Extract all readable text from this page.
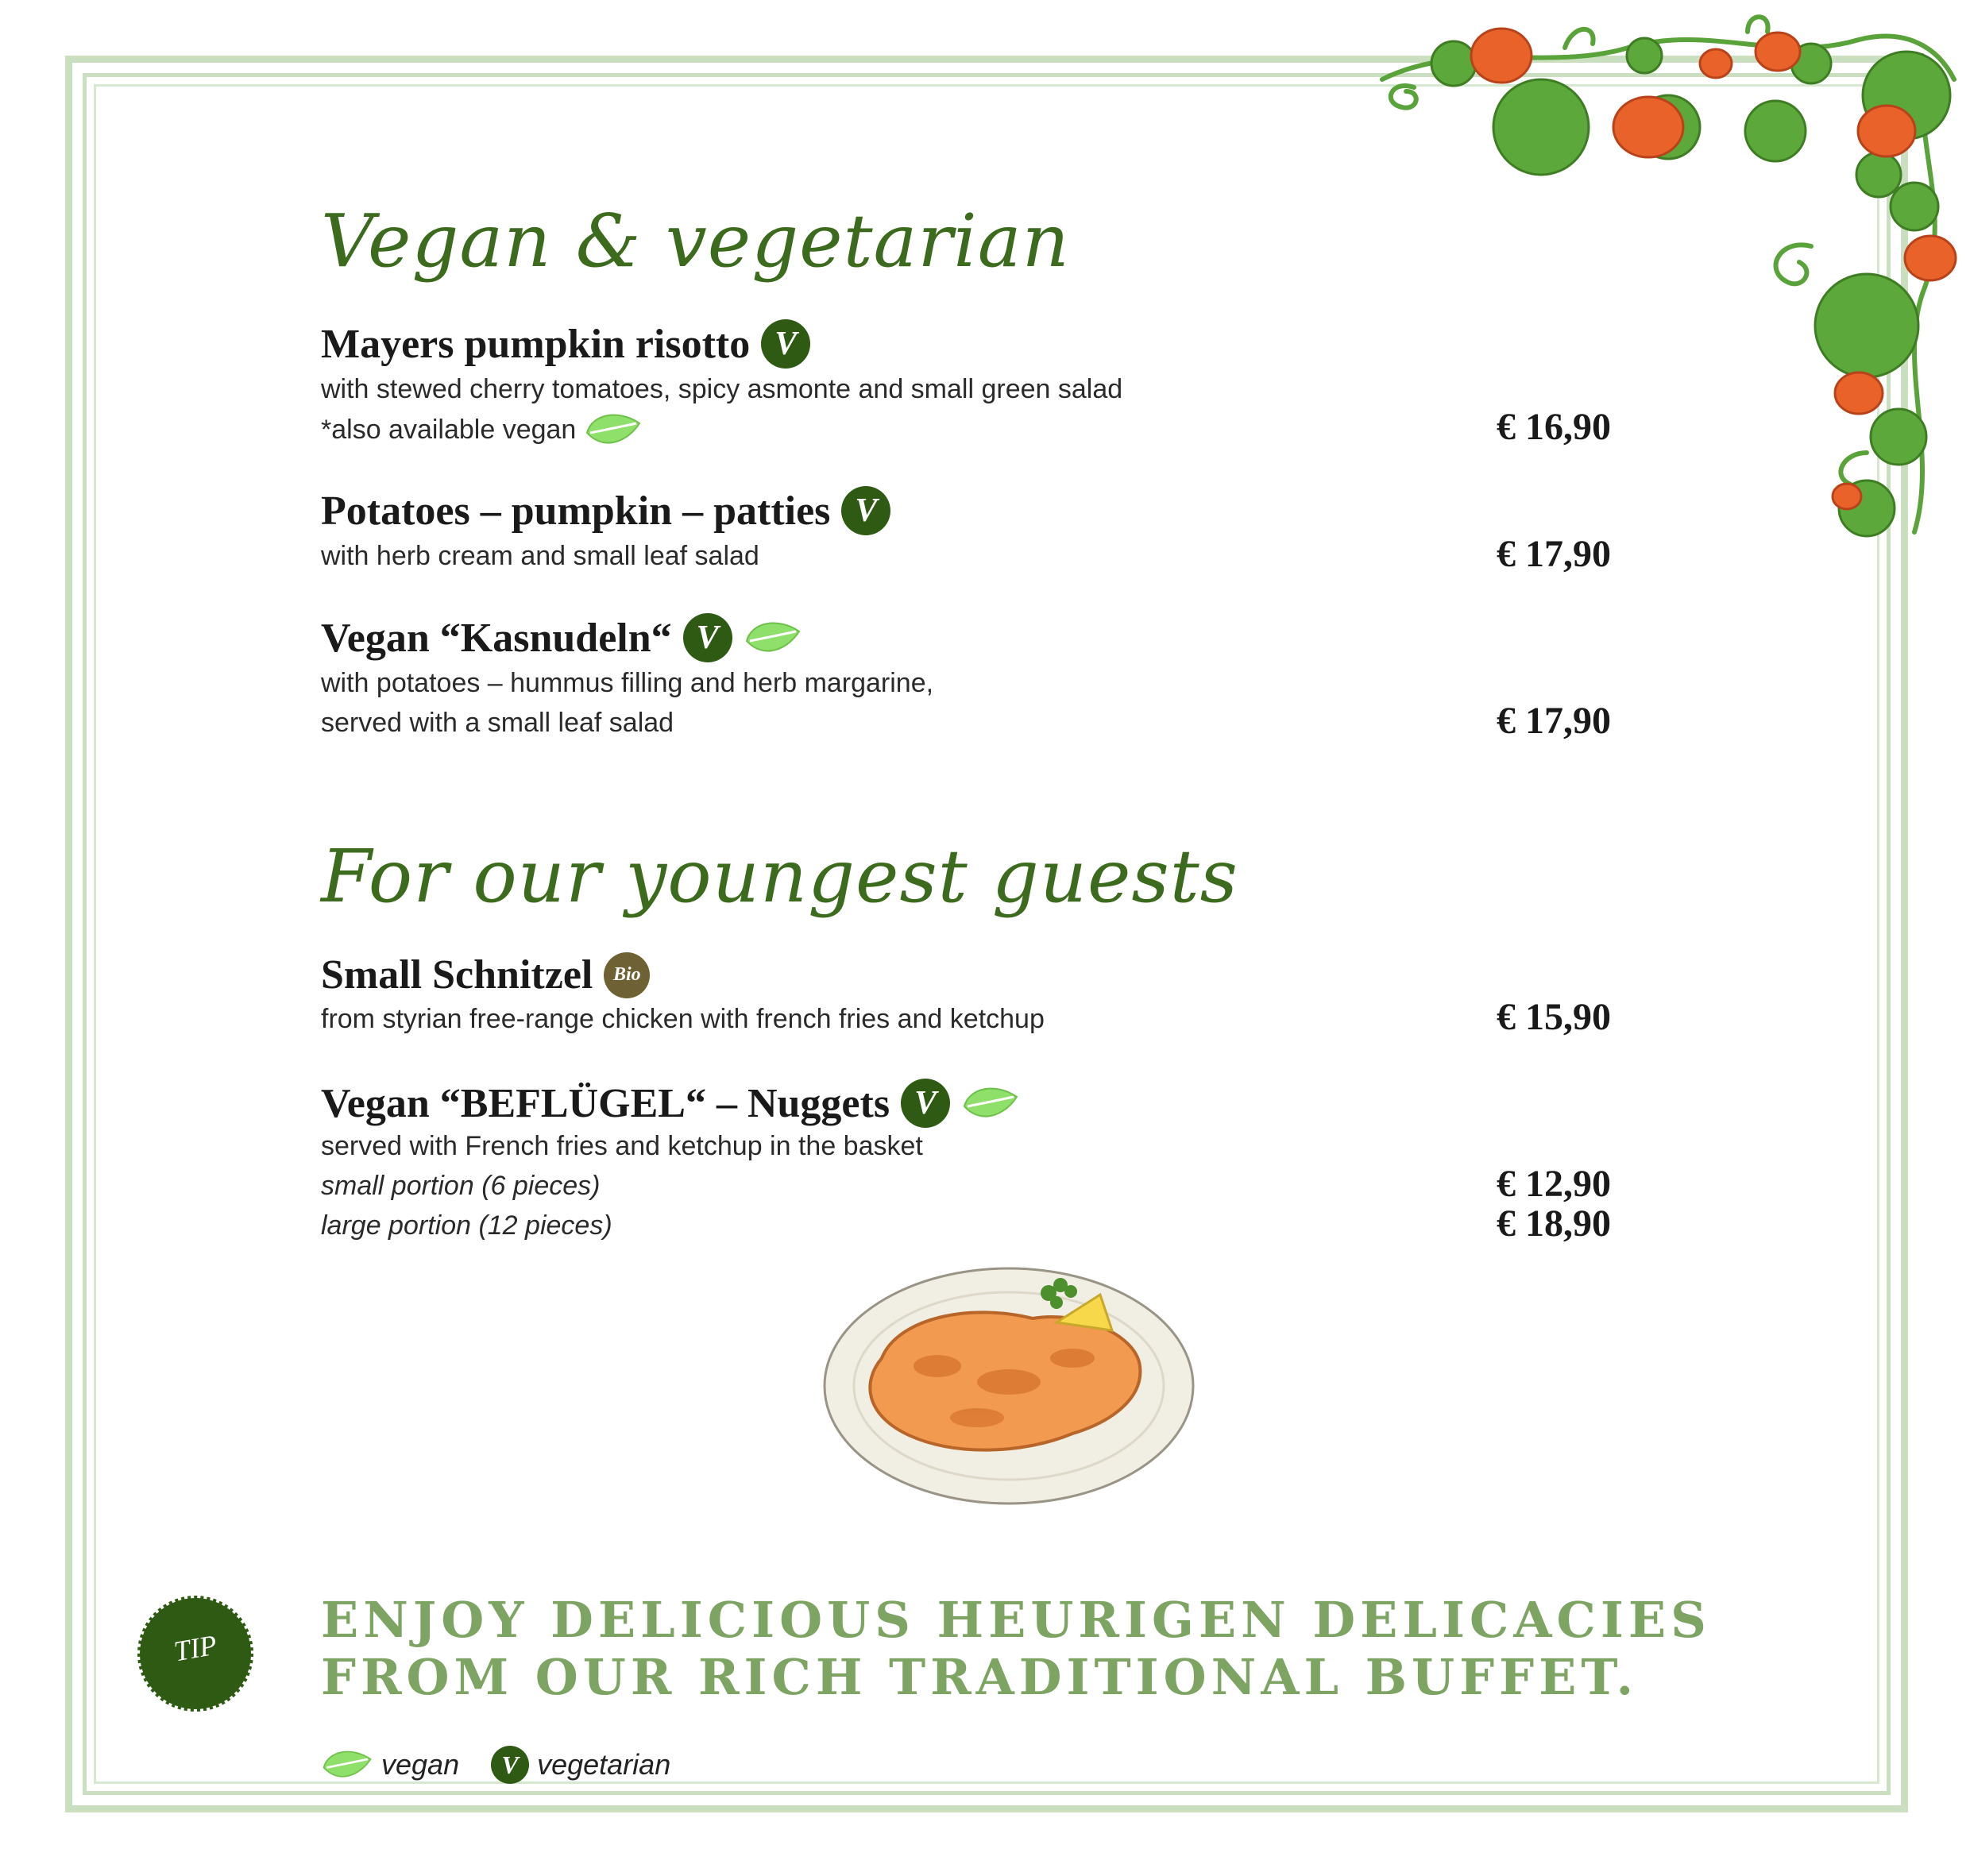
Vegan & vegetarian
Mayers pumpkin risotto V
with stewed cherry tomatoes, spicy asmonte and small green salad
*also available vegan	€ 16,90
Potatoes – pumpkin – patties V
with herb cream and small leaf salad	€ 17,90
Vegan “Kasnudeln“ V
with potatoes – hummus filling and herb margarine,
served with a small leaf salad	€ 17,90
For our youngest guests
Small Schnitzel	Bio
from styrian free-range chicken with french fries and ketchup	€ 15,90
Vegan “BEFLÜGEL“ – Nuggets V
served with French fries and ketchup in the basket
small portion (6 pieces)	€ 12,90
large portion (12 pieces)	€ 18,90
TIP	ENJOY DELICIOUS HEURIGEN DELICACIES
FROM OUR RICH TRADITIONAL BUFFET.
vegan	V vegetarian
